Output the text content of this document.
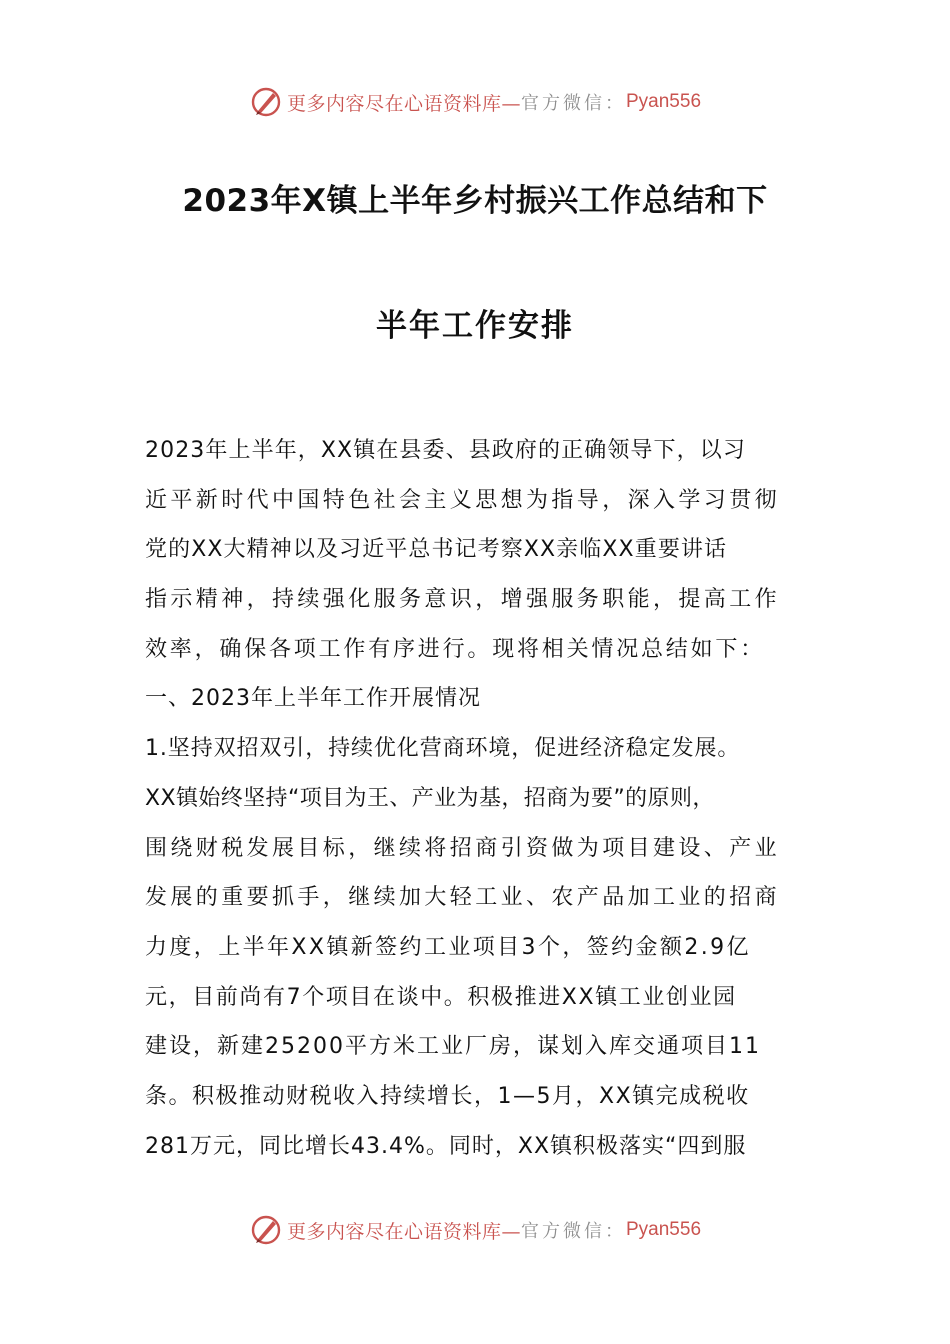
更多内容尽在心语资料库— 官方微信： Pyan556
2023年X镇上半年乡村振兴工作总结和下
半年工作安排
2023年上半年，XX镇在县委、县政府的正确领导下，以习
近平新时代中国特色社会主义思想为指导，深入学习贯彻
党的XX大精神以及习近平总书记考察XX亲临XX重要讲话
指示精神，持续强化服务意识，增强服务职能，提高工作
效率，确保各项工作有序进行。现将相关情况总结如下：
一、2023年上半年工作开展情况
1.坚持双招双引，持续优化营商环境，促进经济稳定发展。
XX镇始终坚持“项目为王、产业为基，招商为要”的原则，
围绕财税发展目标，继续将招商引资做为项目建设、产业
发展的重要抓手，继续加大轻工业、农产品加工业的招商
力度，上半年XX镇新签约工业项目3个，签约金额2.9亿
元，目前尚有7个项目在谈中。积极推进XX镇工业创业园
建设，新建25200平方米工业厂房，谋划入库交通项目11
条。积极推动财税收入持续增长，1—5月，XX镇完成税收
281万元，同比增长43.4%。同时，XX镇积极落实“四到服
更多内容尽在心语资料库— 官方微信： Pyan556
